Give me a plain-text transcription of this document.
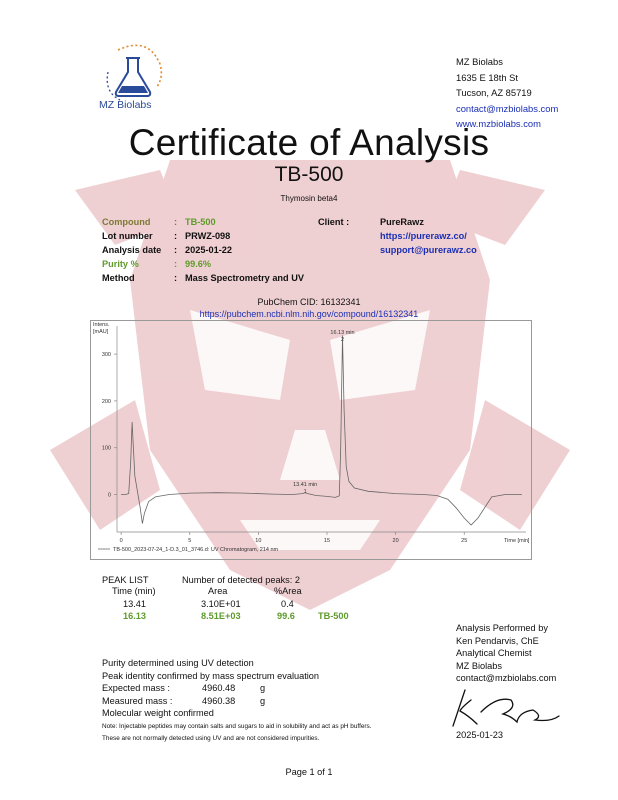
MZ Biolabs
MZ Biolabs
1635 E 18th St
Tucson, AZ 85719
contact@mzbiolabs.com
www.mzbiolabs.com
Certificate of Analysis
TB-500
Thymosin beta4
Compound	: TB-500
Lot number : PRWZ-098
Analysis date : 2025-01-22
Purity %	: 99.6%
Method	: Mass Spectrometry and UV
Client :	PureRawz
https://purerawz.co/
support@purerawz.co
PubChem CID: 16132341
https://pubchem.ncbi.nlm.nih.gov/compound/16132341
Intens.
[mAU]
Time [min]
0
100
200
300
0	5	10	15	20	25
16.13 min
2
13.41 min
1
TB-500_2023-07-24_1-D.3_01_3746.d: UV Chromatogram, 214 nm
PEAK LIST	Number of detected peaks: 2
Time (min)	Area	%Area
13.41	3.10E+01	0.4
16.13	8.51E+03	99.6	TB-500
Analysis Performed by
Ken Pendarvis, ChE
Analytical Chemist
MZ Biolabs
contact@mzbiolabs.com
Purity determined using UV detection
Peak identity confirmed by mass spectrum evaluation
Expected mass :	4960.48	g
Measured mass :	4960.38	g
Molecular weight confirmed
Note: Injectable peptides may contain salts and sugars to aid in solubility and act as pH buffers.
These are not normally detected using UV and are not considered impurities.	2025-01-23
Page 1 of 1
